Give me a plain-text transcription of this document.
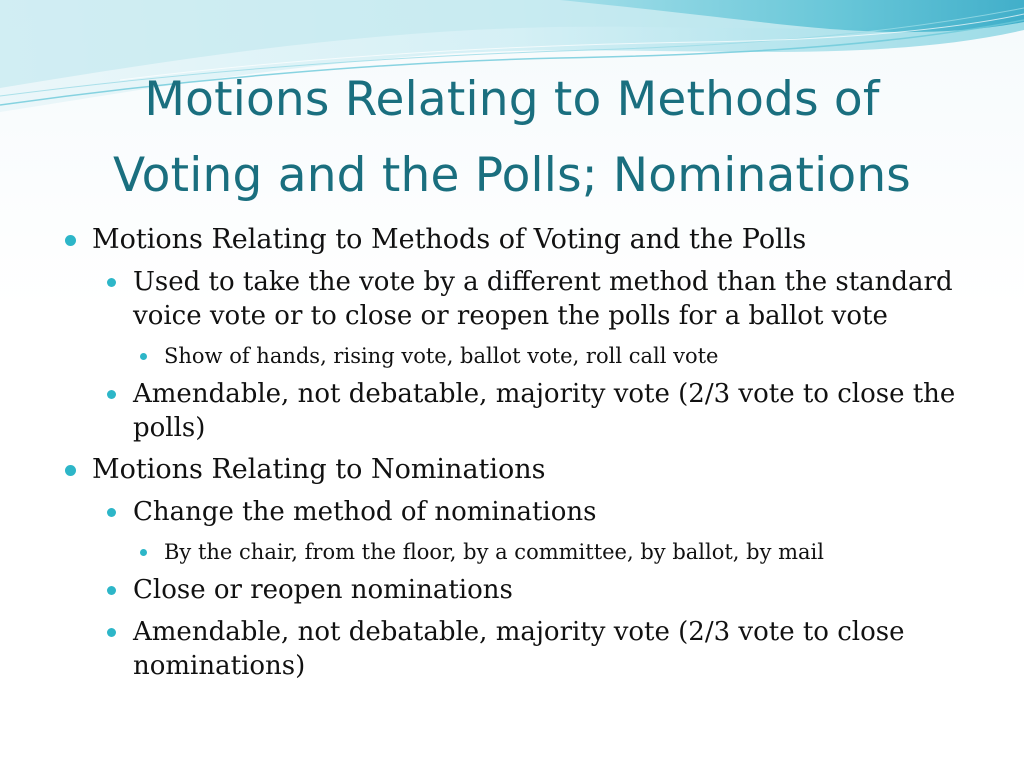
Motions Relating to Methods of
Voting and the Polls; Nominations
Motions Relating to Methods of Voting and the Polls
Used to take the vote by a different method than the standard voice vote or to close or reopen the polls for a ballot vote
Show of hands, rising vote, ballot vote, roll call vote
Amendable, not debatable, majority vote (2/3 vote to close the polls)
Motions Relating to Nominations
Change the method of nominations
By the chair, from the floor, by a committee, by ballot, by mail
Close or reopen nominations
Amendable, not debatable, majority vote (2/3 vote to close nominations)
